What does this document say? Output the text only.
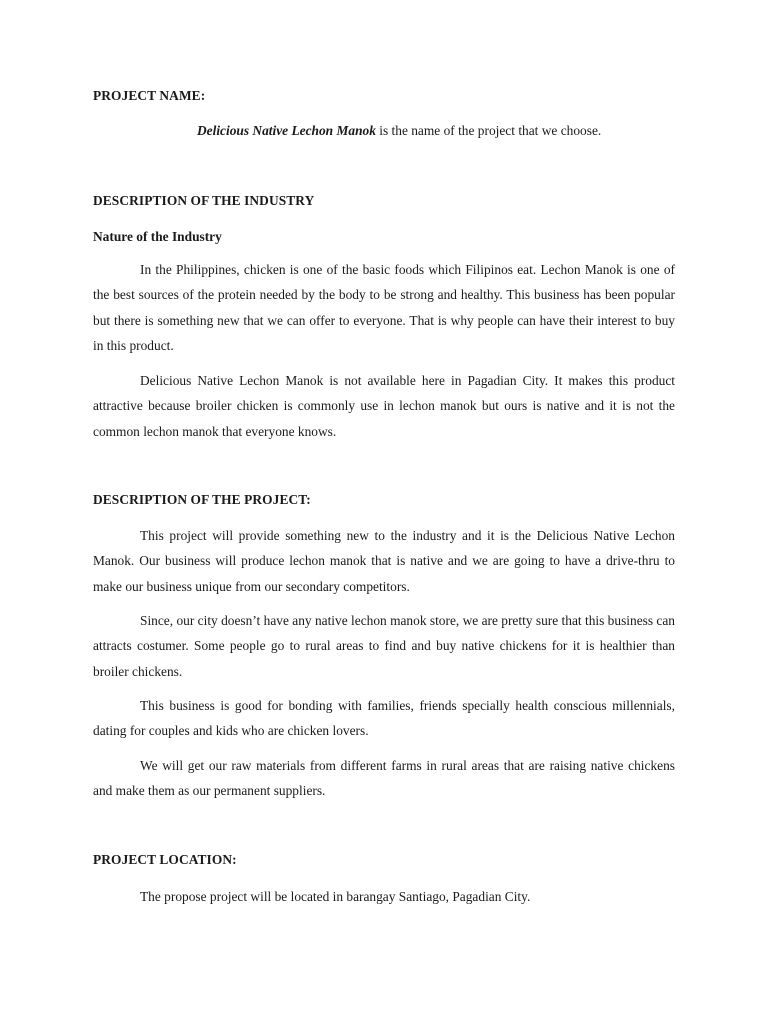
PROJECT NAME:
Delicious Native Lechon Manok is the name of the project that we choose.
DESCRIPTION OF THE INDUSTRY
Nature of the Industry

In the Philippines, chicken is one of the basic foods which Filipinos eat. Lechon Manok is one of the best sources of the protein needed by the body to be strong and healthy. This business has been popular but there is something new that we can offer to everyone. That is why people can have their interest to buy in this product.

Delicious Native Lechon Manok is not available here in Pagadian City. It makes this product attractive because broiler chicken is commonly use in lechon manok but ours is native and it is not the common lechon manok that everyone knows.

DESCRIPTION OF THE PROJECT:

This project will provide something new to the industry and it is the Delicious Native Lechon Manok. Our business will produce lechon manok that is native and we are going to have a drive-thru to make our business unique from our secondary competitors.

Since, our city doesn’t have any native lechon manok store, we are pretty sure that this business can attracts costumer. Some people go to rural areas to find and buy native chickens for it is healthier than broiler chickens.

This business is good for bonding with families, friends specially health conscious millennials, dating for couples and kids who are chicken lovers.

We will get our raw materials from different farms in rural areas that are raising native chickens and make them as our permanent suppliers.

PROJECT LOCATION:
The propose project will be located in barangay Santiago, Pagadian City.
